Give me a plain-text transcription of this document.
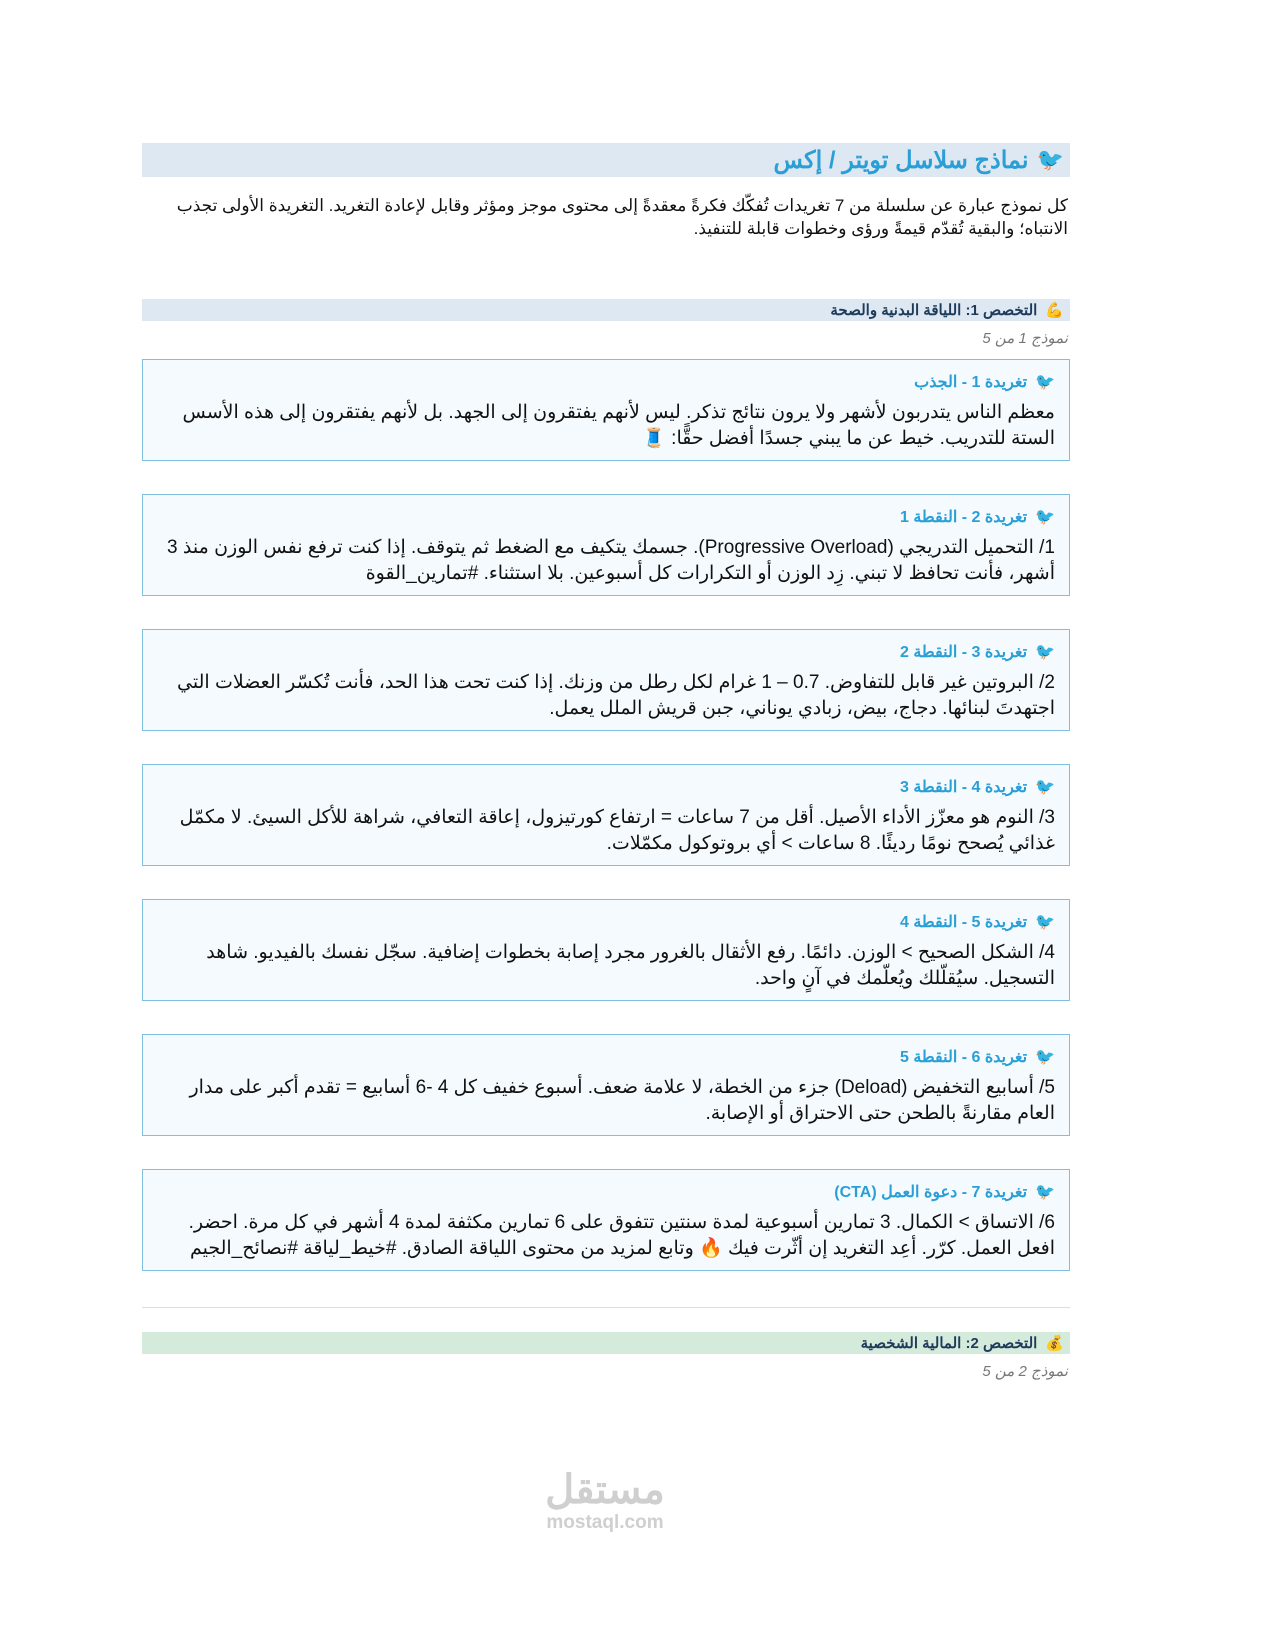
🐦
نماذج سلاسل تويتر / إكس

كل نموذج عبارة عن سلسلة من 7 تغريدات تُفكّك فكرةً معقدةً إلى محتوى موجز ومؤثر وقابل لإعادة التغريد. التغريدة الأولى تجذب الانتباه؛ والبقية تُقدّم قيمةً ورؤى وخطوات قابلة للتنفيذ.

💪
التخصص 1: اللياقة البدنية والصحة
نموذج 1 من 5
🐦تغريدة 1 - الجذب
معظم الناس يتدربون لأشهر ولا يرون نتائج تذكر. ليس لأنهم يفتقرون إلى الجهد. بل لأنهم يفتقرون إلى هذه الأسس الستة للتدريب. خيط عن ما يبني جسدًا أفضل حقًّا: 🧵
🐦تغريدة 2 - النقطة 1
1/ التحميل التدريجي (Progressive Overload). جسمك يتكيف مع الضغط ثم يتوقف. إذا كنت ترفع نفس الوزن منذ 3 أشهر، فأنت تحافظ لا تبني. زِد الوزن أو التكرارات كل أسبوعين. بلا استثناء. #تمارين_القوة
🐦تغريدة 3 - النقطة 2
2/ البروتين غير قابل للتفاوض. 0.7 – 1 غرام لكل رطل من وزنك. إذا كنت تحت هذا الحد، فأنت تُكسّر العضلات التي اجتهدتَ لبنائها. دجاج، بيض، زبادي يوناني، جبن قريش الملل يعمل.
🐦تغريدة 4 - النقطة 3
3/ النوم هو معزّز الأداء الأصيل. أقل من 7 ساعات = ارتفاع كورتيزول، إعاقة التعافي، شراهة للأكل السيئ. لا مكمّل غذائي يُصحح نومًا رديئًا. 8 ساعات > أي بروتوكول مكمّلات.
🐦تغريدة 5 - النقطة 4
4/ الشكل الصحيح > الوزن. دائمًا. رفع الأثقال بالغرور مجرد إصابة بخطوات إضافية. سجّل نفسك بالفيديو. شاهد التسجيل. سيُقلّلك ويُعلّمك في آنٍ واحد.
🐦تغريدة 6 - النقطة 5
5/ أسابيع التخفيض (Deload) جزء من الخطة، لا علامة ضعف. أسبوع خفيف كل 4 -6 أسابيع = تقدم أكبر على مدار العام مقارنةً بالطحن حتى الاحتراق أو الإصابة.
🐦تغريدة 7 - دعوة العمل (CTA)
6/ الاتساق > الكمال. 3 تمارين أسبوعية لمدة سنتين تتفوق على 6 تمارين مكثفة لمدة 4 أشهر في كل مرة. احضر. افعل العمل. كرّر. أعِد التغريد إن أثّرت فيك 🔥 وتابع لمزيد من محتوى اللياقة الصادق. #خيط_لياقة #نصائح_الجيم
💰
التخصص 2: المالية الشخصية
نموذج 2 من 5
مستقل
mostaql.com
